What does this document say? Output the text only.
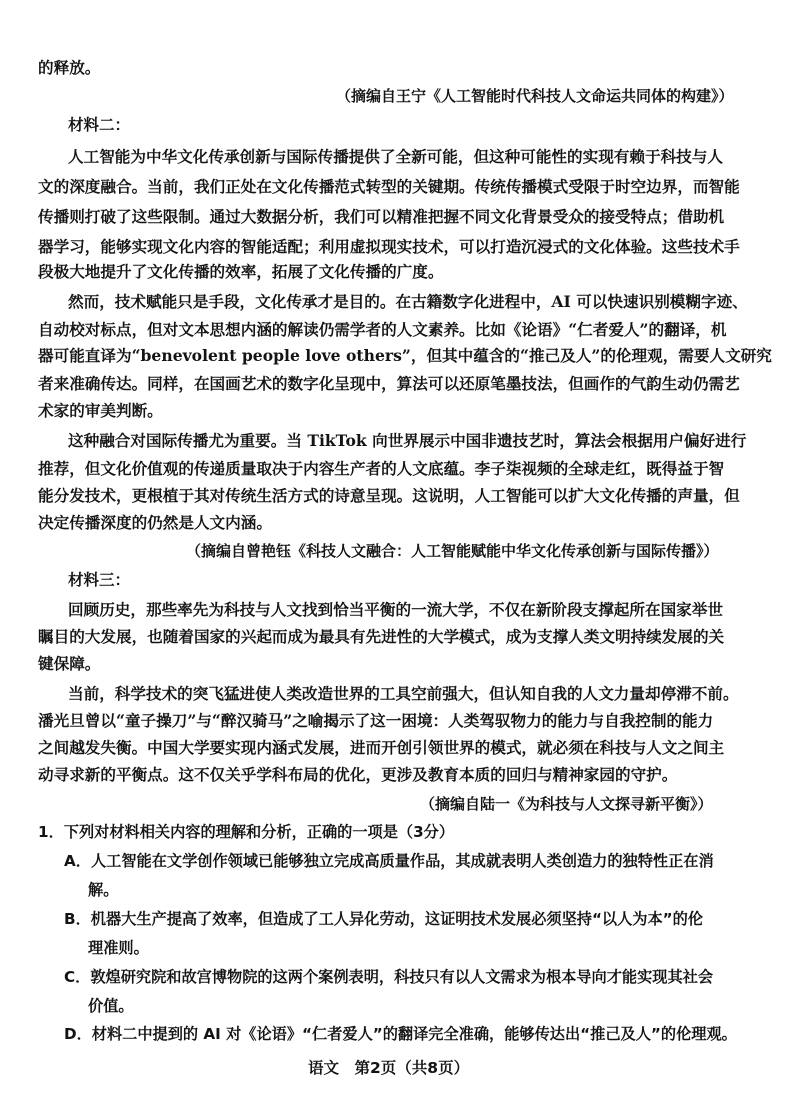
的释放。
（摘编自王宁《人工智能时代科技人文命运共同体的构建》）
材料二：
人工智能为中华文化传承创新与国际传播提供了全新可能，但这种可能性的实现有赖于科技与人
文的深度融合。当前，我们正处在文化传播范式转型的关键期。传统传播模式受限于时空边界，而智能
传播则打破了这些限制。通过大数据分析，我们可以精准把握不同文化背景受众的接受特点；借助机
器学习，能够实现文化内容的智能适配；利用虚拟现实技术，可以打造沉浸式的文化体验。这些技术手
段极大地提升了文化传播的效率，拓展了文化传播的广度。
然而，技术赋能只是手段，文化传承才是目的。在古籍数字化进程中，AI 可以快速识别模糊字迹、
自动校对标点，但对文本思想内涵的解读仍需学者的人文素养。比如《论语》“仁者爱人”的翻译，机
器可能直译为“benevolent people love others”，但其中蕴含的“推己及人”的伦理观，需要人文研究
者来准确传达。同样，在国画艺术的数字化呈现中，算法可以还原笔墨技法，但画作的气韵生动仍需艺
术家的审美判断。
这种融合对国际传播尤为重要。当 TikTok 向世界展示中国非遗技艺时，算法会根据用户偏好进行
推荐，但文化价值观的传递质量取决于内容生产者的人文底蕴。李子柒视频的全球走红，既得益于智
能分发技术，更根植于其对传统生活方式的诗意呈现。这说明，人工智能可以扩大文化传播的声量，但
决定传播深度的仍然是人文内涵。
（摘编自曾艳钰《科技人文融合：人工智能赋能中华文化传承创新与国际传播》）
材料三：
回顾历史，那些率先为科技与人文找到恰当平衡的一流大学，不仅在新阶段支撑起所在国家举世
瞩目的大发展，也随着国家的兴起而成为最具有先进性的大学模式，成为支撑人类文明持续发展的关
键保障。
当前，科学技术的突飞猛进使人类改造世界的工具空前强大，但认知自我的人文力量却停滞不前。
潘光旦曾以“童子操刀”与“醉汉骑马”之喻揭示了这一困境：人类驾驭物力的能力与自我控制的能力
之间越发失衡。中国大学要实现内涵式发展，进而开创引领世界的模式，就必须在科技与人文之间主
动寻求新的平衡点。这不仅关乎学科布局的优化，更涉及教育本质的回归与精神家园的守护。
（摘编自陆一《为科技与人文探寻新平衡》）
1．下列对材料相关内容的理解和分析，正确的一项是（3分）
A．人工智能在文学创作领域已能够独立完成高质量作品，其成就表明人类创造力的独特性正在消
解。
B．机器大生产提高了效率，但造成了工人异化劳动，这证明技术发展必须坚持“以人为本”的伦
理准则。
C．敦煌研究院和故宫博物院的这两个案例表明，科技只有以人文需求为根本导向才能实现其社会
价值。
D．材料二中提到的 AI 对《论语》“仁者爱人”的翻译完全准确，能够传达出“推己及人”的伦理观。
语文　第2页（共8页）
